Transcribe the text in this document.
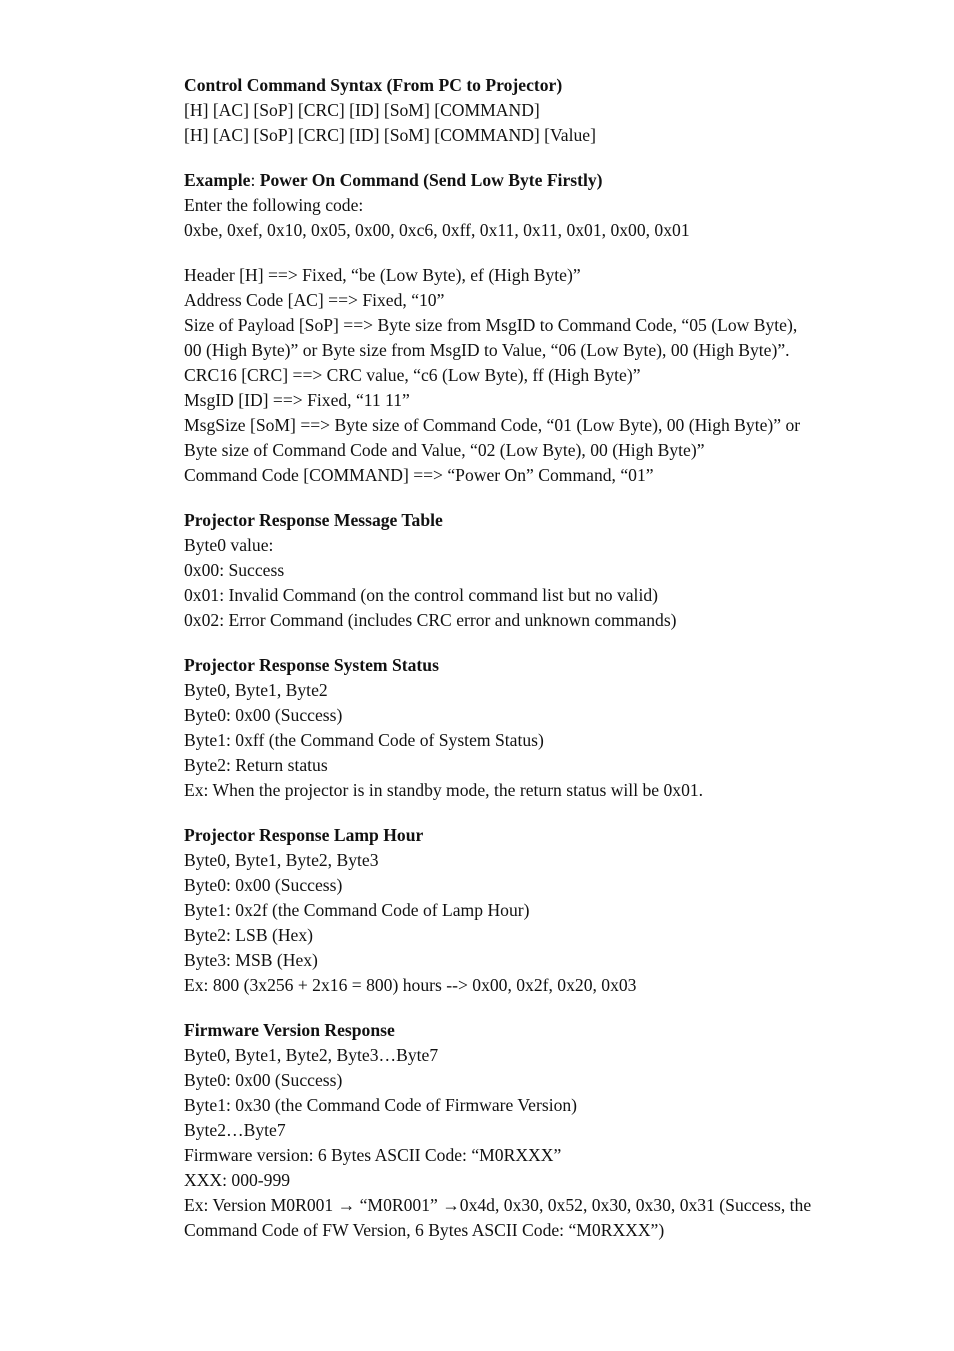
Control Command Syntax (From PC to Projector)

[H] [AC] [SoP] [CRC] [ID] [SoM] [COMMAND]

[H] [AC] [SoP] [CRC] [ID] [SoM] [COMMAND] [Value]

Example: Power On Command (Send Low Byte Firstly)

Enter the following code:

0xbe, 0xef, 0x10, 0x05, 0x00, 0xc6, 0xff, 0x11, 0x11, 0x01, 0x00, 0x01

Header [H] ==> Fixed, “be (Low Byte), ef (High Byte)”

Address Code [AC] ==> Fixed, “10”

Size of Payload [SoP] ==> Byte size from MsgID to Command Code, “05 (Low Byte), 00 (High Byte)” or Byte size from MsgID to Value, “06 (Low Byte), 00 (High Byte)”.

CRC16 [CRC] ==> CRC value, “c6 (Low Byte), ff (High Byte)”

MsgID [ID] ==> Fixed, “11 11”

MsgSize [SoM] ==> Byte size of Command Code, “01 (Low Byte), 00 (High Byte)” or Byte size of Command Code and Value, “02 (Low Byte), 00 (High Byte)”

Command Code [COMMAND] ==> “Power On” Command, “01”

Projector Response Message Table

Byte0 value:

0x00: Success

0x01: Invalid Command (on the control command list but no valid)

0x02: Error Command (includes CRC error and unknown commands)

Projector Response System Status

Byte0, Byte1, Byte2

Byte0: 0x00 (Success)

Byte1: 0xff (the Command Code of System Status)

Byte2: Return status

Ex: When the projector is in standby mode, the return status will be 0x01.

Projector Response Lamp Hour

Byte0, Byte1, Byte2, Byte3

Byte0: 0x00 (Success)

Byte1: 0x2f (the Command Code of Lamp Hour)

Byte2: LSB (Hex)

Byte3: MSB (Hex)

Ex: 800 (3x256 + 2x16 = 800) hours --> 0x00, 0x2f, 0x20, 0x03

Firmware Version Response

Byte0, Byte1, Byte2, Byte3…Byte7

Byte0: 0x00 (Success)

Byte1: 0x30 (the Command Code of Firmware Version)

Byte2…Byte7

Firmware version: 6 Bytes ASCII Code: “M0RXXX”

XXX: 000-999

Ex: Version M0R001 → “M0R001” →0x4d, 0x30, 0x52, 0x30, 0x30, 0x31 (Success, the Command Code of FW Version, 6 Bytes ASCII Code: “M0RXXX”)
